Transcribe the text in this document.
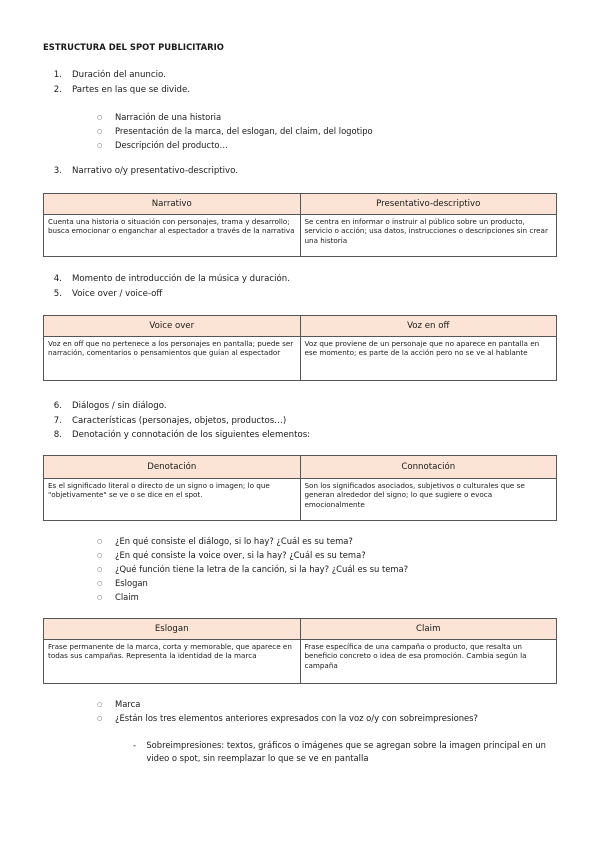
ESTRUCTURA DEL SPOT PUBLICITARIO
1. Duración del anuncio.
2. Partes en las que se divide.
○	Narración de una historia
○	Presentación de la marca, del eslogan, del claim, del logotipo
○	Descripción del producto…
3. Narrativo o/y presentativo-descriptivo.
Narrativo	Presentativo-descriptivo
Cuenta una historia o situación con personajes, trama y desarrollo; busca emocionar o enganchar al espectador a través de la narrativa	Se centra en informar o instruir al público sobre un producto, servicio o acción; usa datos, instrucciones o descripciones sin crear una historia
4. Momento de introducción de la música y duración.
5. Voice over / voice-off
Voice over	Voz en off
Voz en off que no pertenece a los personajes en pantalla; puede ser narración, comentarios o pensamientos que guían al espectador	Voz que proviene de un personaje que no aparece en pantalla en ese momento; es parte de la acción pero no se ve al hablante
6. Diálogos / sin diálogo.
7. Características (personajes, objetos, productos…)
8. Denotación y connotación de los siguientes elementos:
Denotación	Connotación
Es el significado literal o directo de un signo o imagen; lo que "objetivamente" se ve o se dice en el spot.	Son los significados asociados, subjetivos o culturales que se generan alrededor del signo; lo que sugiere o evoca emocionalmente
○	¿En qué consiste el diálogo, si lo hay? ¿Cuál es su tema?
○	¿En qué consiste la voice over, si la hay? ¿Cuál es su tema?
○	¿Qué función tiene la letra de la canción, si la hay? ¿Cuál es su tema?
○	Eslogan
○	Claim
Eslogan	Claim
Frase permanente de la marca, corta y memorable, que aparece en todas sus campañas. Representa la identidad de la marca	Frase específica de una campaña o producto, que resalta un beneficio concreto o idea de esa promoción. Cambia según la campaña
○	Marca
○	¿Están los tres elementos anteriores expresados con la voz o/y con sobreimpresiones?
-	Sobreimpresiones: textos, gráficos o imágenes que se agregan sobre la imagen principal en un video o spot, sin reemplazar lo que se ve en pantalla
